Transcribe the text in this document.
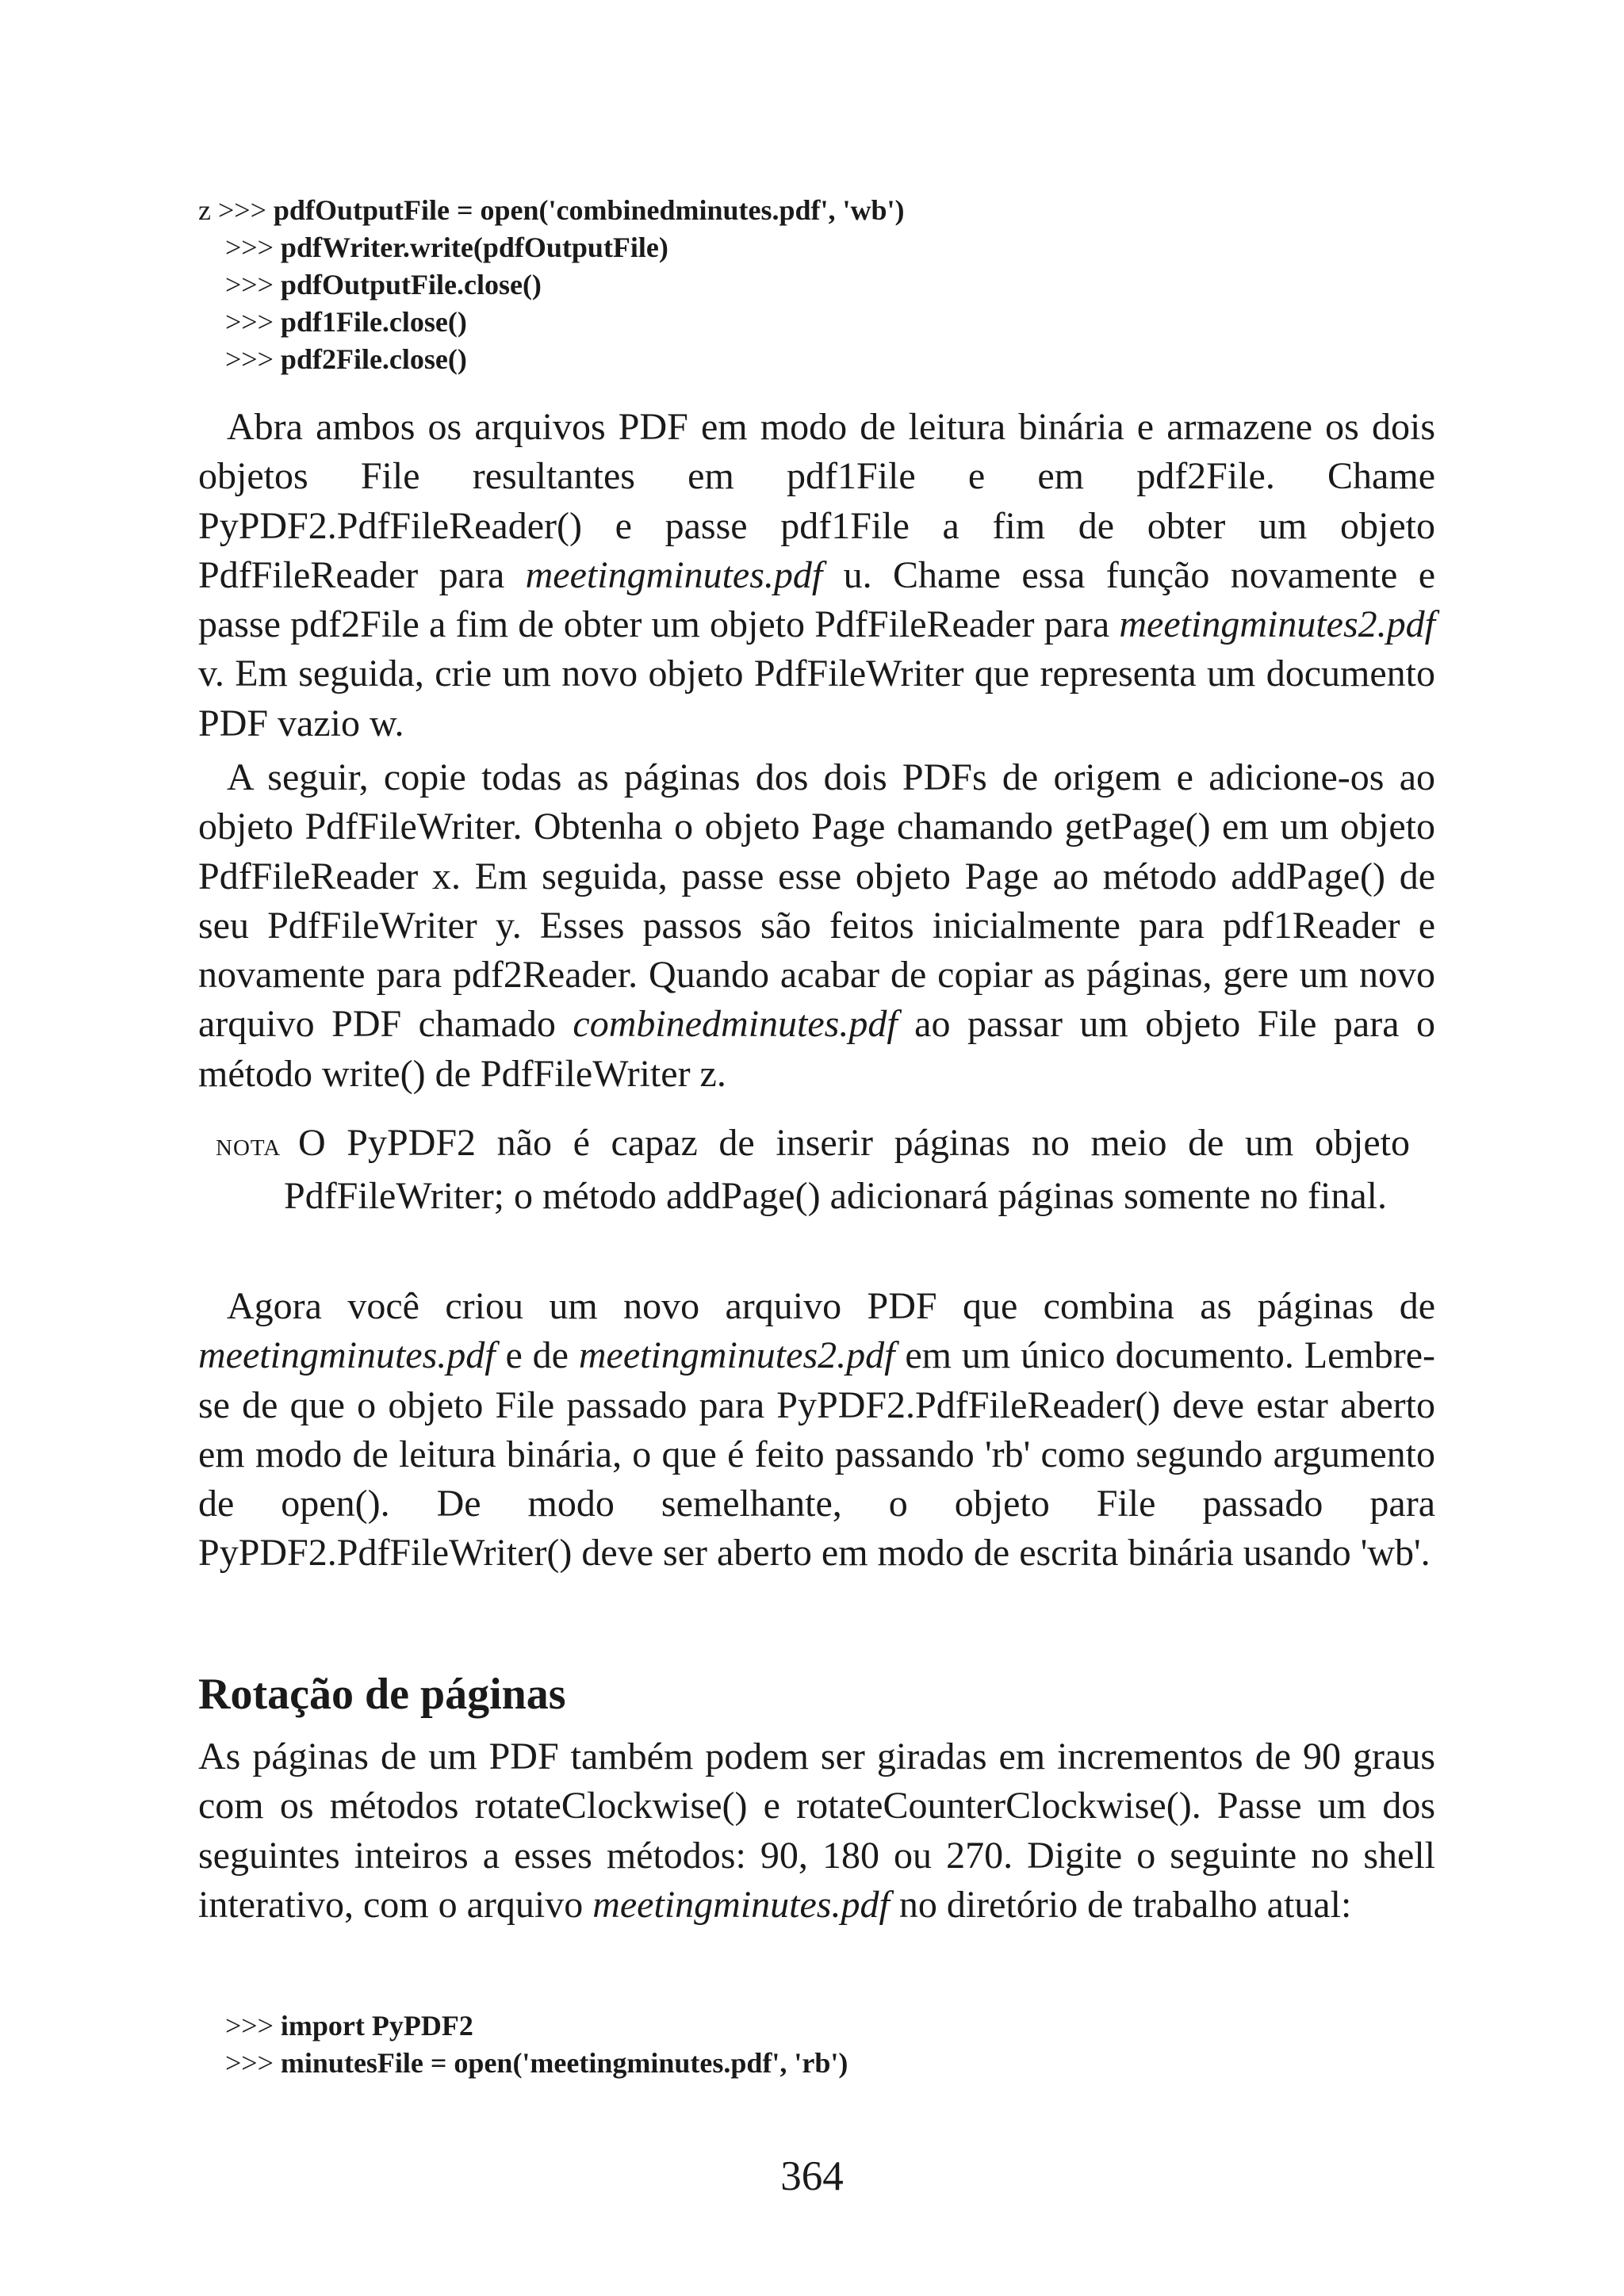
z >>> pdfOutputFile = open('combinedminutes.pdf', 'wb')
>>> pdfWriter.write(pdfOutputFile)
>>> pdfOutputFile.close()
>>> pdf1File.close()
>>> pdf2File.close()

Abra ambos os arquivos PDF em modo de leitura binária e armazene os dois objetos File resultantes em pdf1File e em pdf2File. Chame PyPDF2.PdfFileReader() e passe pdf1File a fim de obter um objeto PdfFileReader para meetingminutes.pdf u. Chame essa função novamente e passe pdf2File a fim de obter um objeto PdfFileReader para meetingminutes2.pdf v. Em seguida, crie um novo objeto PdfFileWriter que representa um documento PDF vazio w.

A seguir, copie todas as páginas dos dois PDFs de origem e adicione-os ao objeto PdfFileWriter. Obtenha o objeto Page chamando getPage() em um objeto PdfFileReader x. Em seguida, passe esse objeto Page ao método addPage() de seu PdfFileWriter y. Esses passos são feitos inicialmente para pdf1Reader e novamente para pdf2Reader. Quando acabar de copiar as páginas, gere um novo arquivo PDF chamado combinedminutes.pdf ao passar um objeto File para o método write() de PdfFileWriter z.

NOTA O PyPDF2 não é capaz de inserir páginas no meio de um objeto PdfFileWriter; o método addPage() adicionará páginas somente no final.

Agora você criou um novo arquivo PDF que combina as páginas de meetingminutes.pdf e de meetingminutes2.pdf em um único documento. Lembre-se de que o objeto File passado para PyPDF2.PdfFileReader() deve estar aberto em modo de leitura binária, o que é feito passando 'rb' como segundo argumento de open(). De modo semelhante, o objeto File passado para PyPDF2.PdfFileWriter() deve ser aberto em modo de escrita binária usando 'wb'.

Rotação de páginas

As páginas de um PDF também podem ser giradas em incrementos de 90 graus com os métodos rotateClockwise() e rotateCounterClockwise(). Passe um dos seguintes inteiros a esses métodos: 90, 180 ou 270. Digite o seguinte no shell interativo, com o arquivo meetingminutes.pdf no diretório de trabalho atual:

>>> import PyPDF2
>>> minutesFile = open('meetingminutes.pdf', 'rb')
364
